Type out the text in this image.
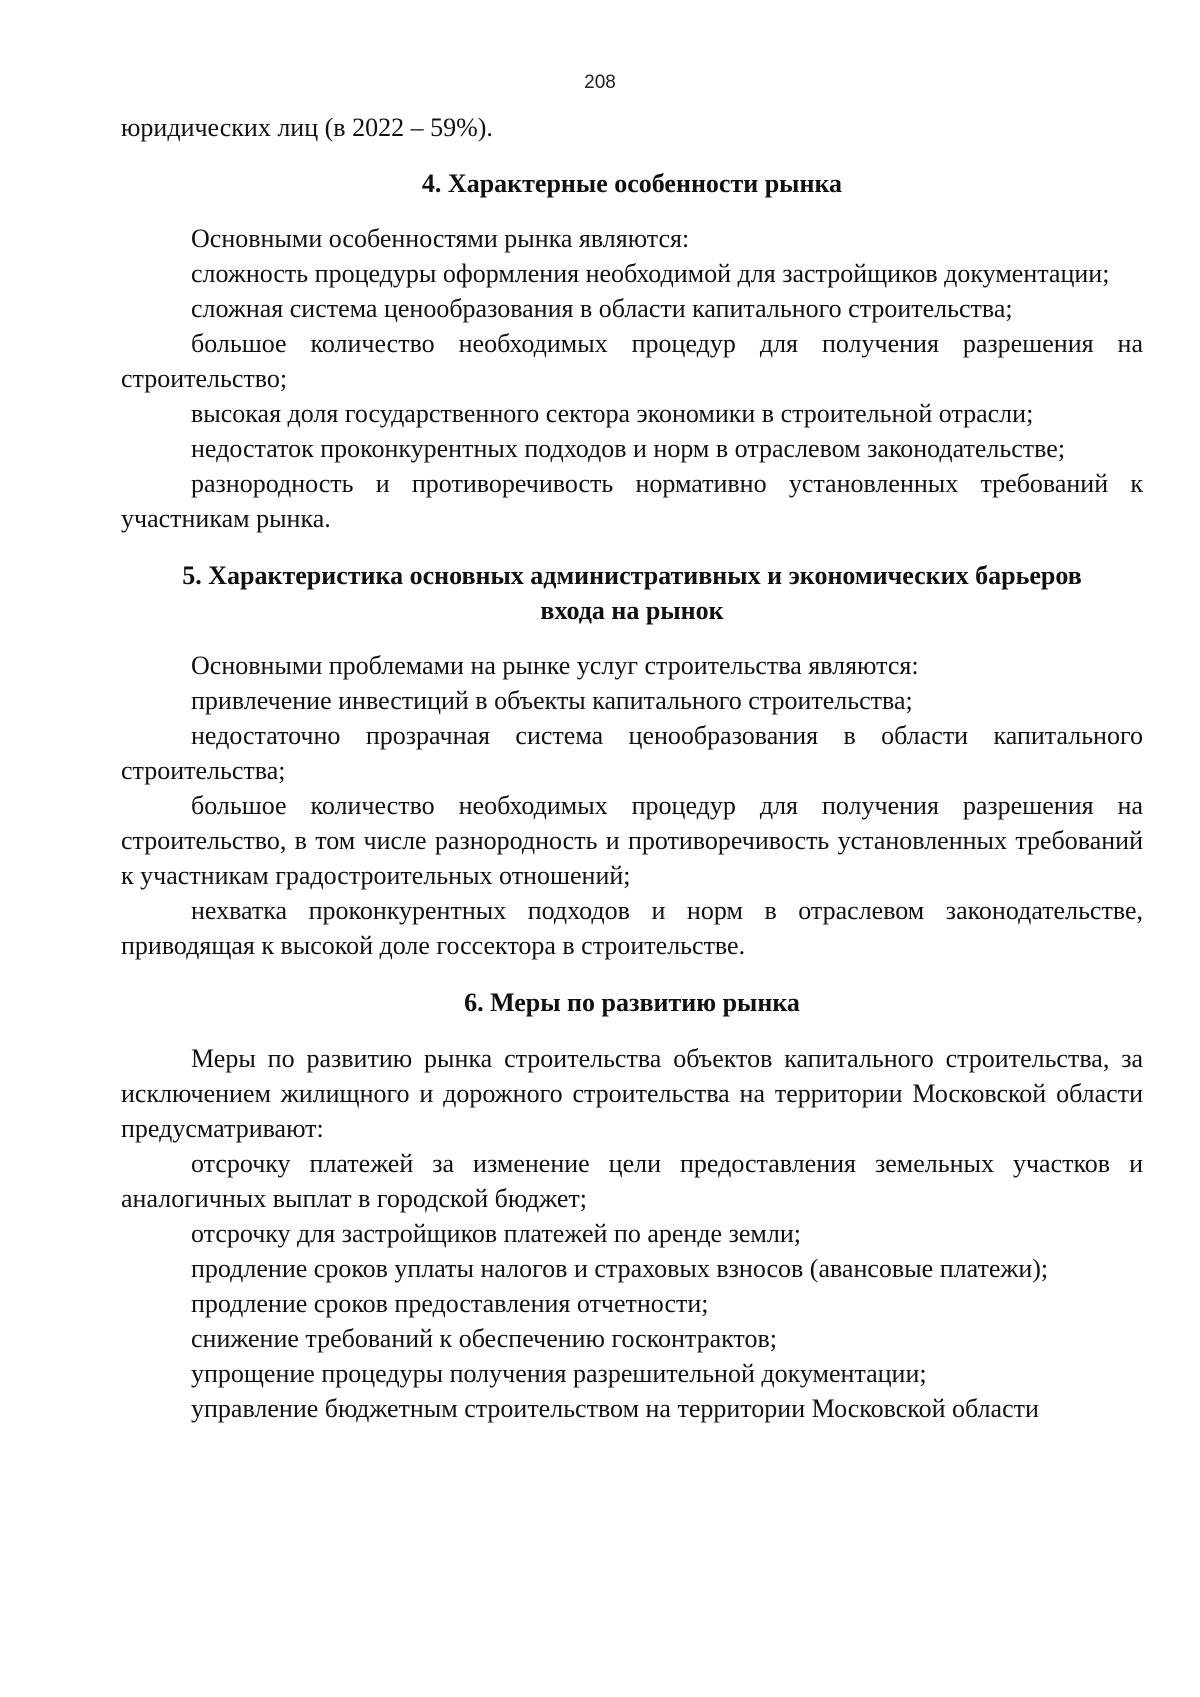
208

юридических лиц (в 2022 – 59%).

4. Характерные особенности рынка

Основными особенностями рынка являются:

сложность процедуры оформления необходимой для застройщиков документации;

сложная система ценообразования в области капитального строительства;

большое количество необходимых процедур для получения разрешения на строительство;

высокая доля государственного сектора экономики в строительной отрасли;

недостаток проконкурентных подходов и норм в отраслевом законодательстве;

разнородность и противоречивость нормативно установленных требований к участникам рынка.

5. Характеристика основных административных и экономических барьеров
входа на рынок

Основными проблемами на рынке услуг строительства являются:

привлечение инвестиций в объекты капитального строительства;

недостаточно прозрачная система ценообразования в области капитального строительства;

большое количество необходимых процедур для получения разрешения на строительство, в том числе разнородность и противоречивость установленных требований к участникам градостроительных отношений;

нехватка проконкурентных подходов и норм в отраслевом законодательстве, приводящая к высокой доле госсектора в строительстве.

6. Меры по развитию рынка

Меры по развитию рынка строительства объектов капитального строительства, за исключением жилищного и дорожного строительства на территории Московской области предусматривают:

отсрочку платежей за изменение цели предоставления земельных участков и аналогичных выплат в городской бюджет;

отсрочку для застройщиков платежей по аренде земли;

продление сроков уплаты налогов и страховых взносов (авансовые платежи);

продление сроков предоставления отчетности;

снижение требований к обеспечению госконтрактов;

упрощение процедуры получения разрешительной документации;

управление бюджетным строительством на территории Московской области
